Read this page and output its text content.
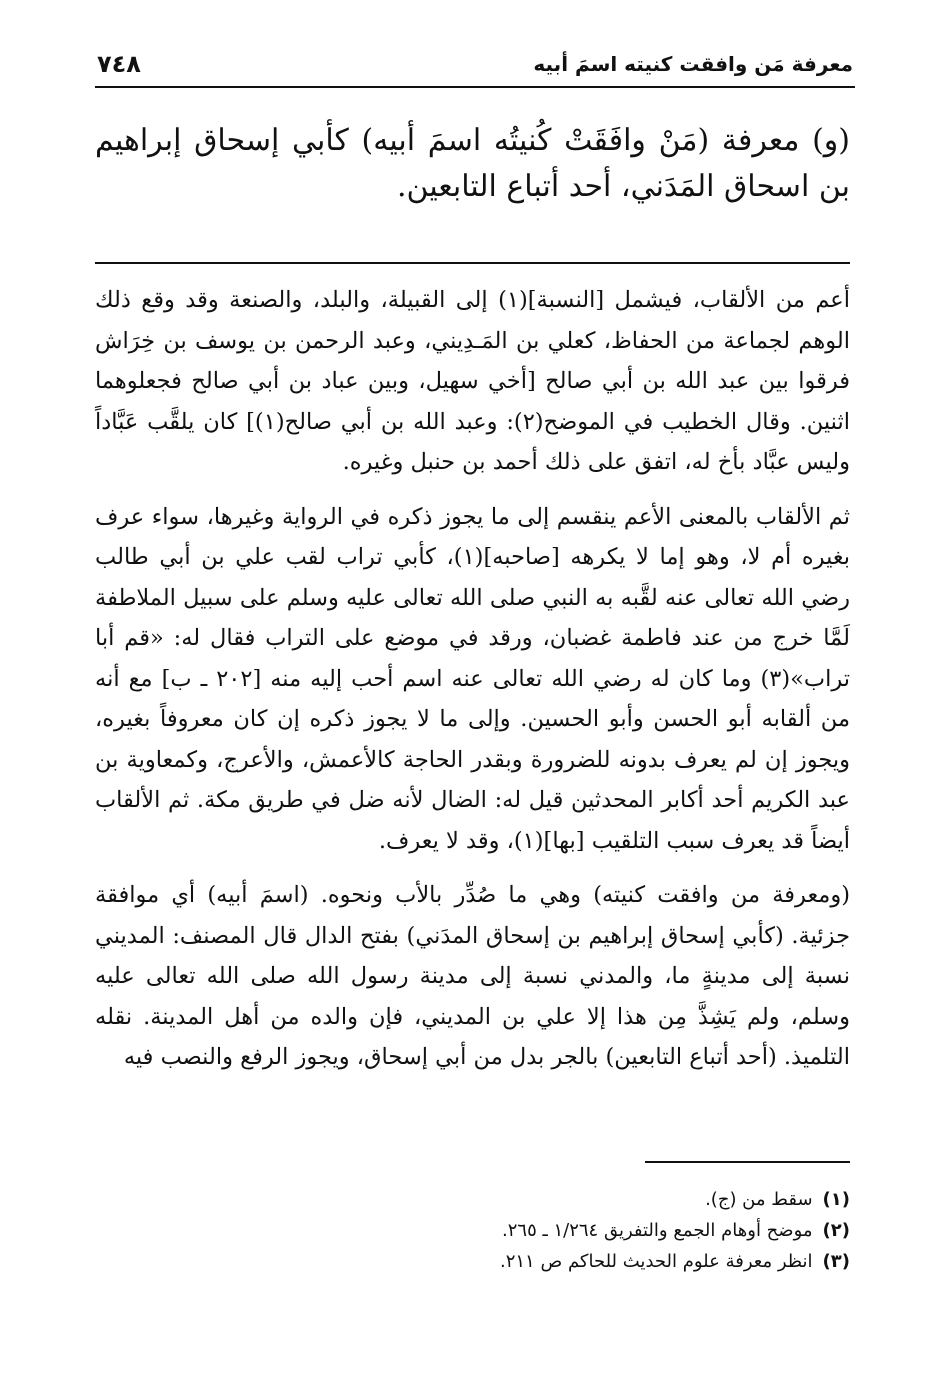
معرفة مَن وافقت كنيته اسمَ أبيه
٧٤٨
(و) معرفة (مَنْ وافَقَتْ كُنيتُه اسمَ أبيه) كأبي إسحاق إبراهيم بن اسحاق المَدَني، أحد أتباع التابعين.

أعم من الألقاب، فيشمل [النسبة](١) إلى القبيلة، والبلد، والصنعة وقد وقع ذلك الوهم لجماعة من الحفاظ، كعلي بن المَـدِيني، وعبد الرحمن بن يوسف بن خِرَاش فرقوا بين عبد الله بن أبي صالح [أخي سهيل، وبين عباد بن أبي صالح فجعلوهما اثنين. وقال الخطيب في الموضح(٢): وعبد الله بن أبي صالح(١)] كان يلقَّب عَبَّاداً وليس عبَّاد بأخ له، اتفق على ذلك أحمد بن حنبل وغيره.

ثم الألقاب بالمعنى الأعم ينقسم إلى ما يجوز ذكره في الرواية وغيرها، سواء عرف بغيره أم لا، وهو إما لا يكرهه [صاحبه](١)، كأبي تراب لقب علي بن أبي طالب رضي الله تعالى عنه لقَّبه به النبي صلى الله تعالى عليه وسلم على سبيل الملاطفة لَمَّا خرج من عند فاطمة غضبان، ورقد في موضع على التراب فقال له: «قم أبا تراب»(٣) وما كان له رضي الله تعالى عنه اسم أحب إليه منه [٢٠٢ ـ ب] مع أنه من ألقابه أبو الحسن وأبو الحسين. وإلى ما لا يجوز ذكره إن كان معروفاً بغيره، ويجوز إن لم يعرف بدونه للضرورة وبقدر الحاجة كالأعمش، والأعرج، وكمعاوية بن عبد الكريم أحد أكابر المحدثين قيل له: الضال لأنه ضل في طريق مكة. ثم الألقاب أيضاً قد يعرف سبب التلقيب [بها](١)، وقد لا يعرف.

(ومعرفة من وافقت كنيته) وهي ما صُدِّر بالأب ونحوه. (اسمَ أبيه) أي موافقة جزئية. (كأبي إسحاق إبراهيم بن إسحاق المدَني) بفتح الدال قال المصنف: المديني نسبة إلى مدينةٍ ما، والمدني نسبة إلى مدينة رسول الله صلى الله تعالى عليه وسلم، ولم يَشِذَّ مِن هذا إلا علي بن المديني، فإن والده من أهل المدينة. نقله التلميذ. (أحد أتباع التابعين) بالجر بدل من أبي إسحاق، ويجوز الرفع والنصب فيه

(١)
سقط من (ج).
(٢)
موضح أوهام الجمع والتفريق ١/٢٦٤ ـ ٢٦٥.
(٣)
انظر معرفة علوم الحديث للحاكم ص ٢١١.
